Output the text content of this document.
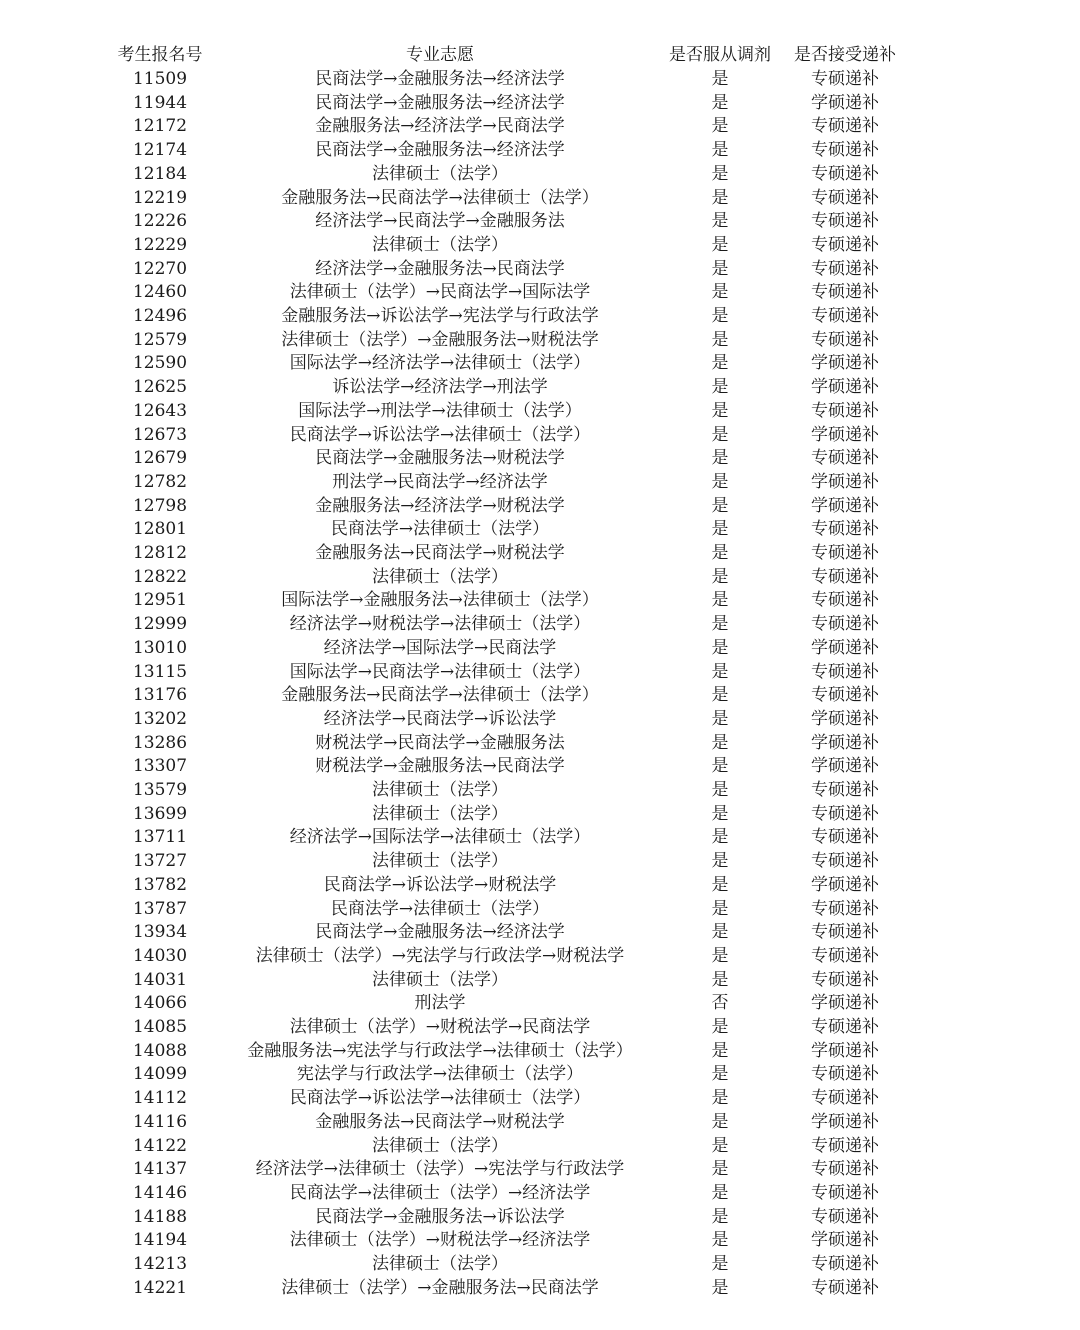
考生报名号	专业志愿	是否服从调剂	是否接受递补
11509	民商法学→金融服务法→经济法学	是	专硕递补
11944	民商法学→金融服务法→经济法学	是	学硕递补
12172	金融服务法→经济法学→民商法学	是	专硕递补
12174	民商法学→金融服务法→经济法学	是	专硕递补
12184	法律硕士（法学）	是	专硕递补
12219	金融服务法→民商法学→法律硕士（法学）	是	专硕递补
12226	经济法学→民商法学→金融服务法	是	专硕递补
12229	法律硕士（法学）	是	专硕递补
12270	经济法学→金融服务法→民商法学	是	专硕递补
12460	法律硕士（法学）→民商法学→国际法学	是	专硕递补
12496	金融服务法→诉讼法学→宪法学与行政法学	是	专硕递补
12579	法律硕士（法学）→金融服务法→财税法学	是	专硕递补
12590	国际法学→经济法学→法律硕士（法学）	是	学硕递补
12625	诉讼法学→经济法学→刑法学	是	学硕递补
12643	国际法学→刑法学→法律硕士（法学）	是	专硕递补
12673	民商法学→诉讼法学→法律硕士（法学）	是	学硕递补
12679	民商法学→金融服务法→财税法学	是	专硕递补
12782	刑法学→民商法学→经济法学	是	学硕递补
12798	金融服务法→经济法学→财税法学	是	学硕递补
12801	民商法学→法律硕士（法学）	是	专硕递补
12812	金融服务法→民商法学→财税法学	是	专硕递补
12822	法律硕士（法学）	是	专硕递补
12951	国际法学→金融服务法→法律硕士（法学）	是	专硕递补
12999	经济法学→财税法学→法律硕士（法学）	是	专硕递补
13010	经济法学→国际法学→民商法学	是	学硕递补
13115	国际法学→民商法学→法律硕士（法学）	是	专硕递补
13176	金融服务法→民商法学→法律硕士（法学）	是	专硕递补
13202	经济法学→民商法学→诉讼法学	是	学硕递补
13286	财税法学→民商法学→金融服务法	是	学硕递补
13307	财税法学→金融服务法→民商法学	是	学硕递补
13579	法律硕士（法学）	是	专硕递补
13699	法律硕士（法学）	是	专硕递补
13711	经济法学→国际法学→法律硕士（法学）	是	专硕递补
13727	法律硕士（法学）	是	专硕递补
13782	民商法学→诉讼法学→财税法学	是	学硕递补
13787	民商法学→法律硕士（法学）	是	专硕递补
13934	民商法学→金融服务法→经济法学	是	专硕递补
14030	法律硕士（法学）→宪法学与行政法学→财税法学	是	专硕递补
14031	法律硕士（法学）	是	专硕递补
14066	刑法学	否	学硕递补
14085	法律硕士（法学）→财税法学→民商法学	是	专硕递补
14088	金融服务法→宪法学与行政法学→法律硕士（法学）	是	学硕递补
14099	宪法学与行政法学→法律硕士（法学）	是	专硕递补
14112	民商法学→诉讼法学→法律硕士（法学）	是	专硕递补
14116	金融服务法→民商法学→财税法学	是	学硕递补
14122	法律硕士（法学）	是	专硕递补
14137	经济法学→法律硕士（法学）→宪法学与行政法学	是	专硕递补
14146	民商法学→法律硕士（法学）→经济法学	是	专硕递补
14188	民商法学→金融服务法→诉讼法学	是	专硕递补
14194	法律硕士（法学）→财税法学→经济法学	是	学硕递补
14213	法律硕士（法学）	是	专硕递补
14221	法律硕士（法学）→金融服务法→民商法学	是	专硕递补
